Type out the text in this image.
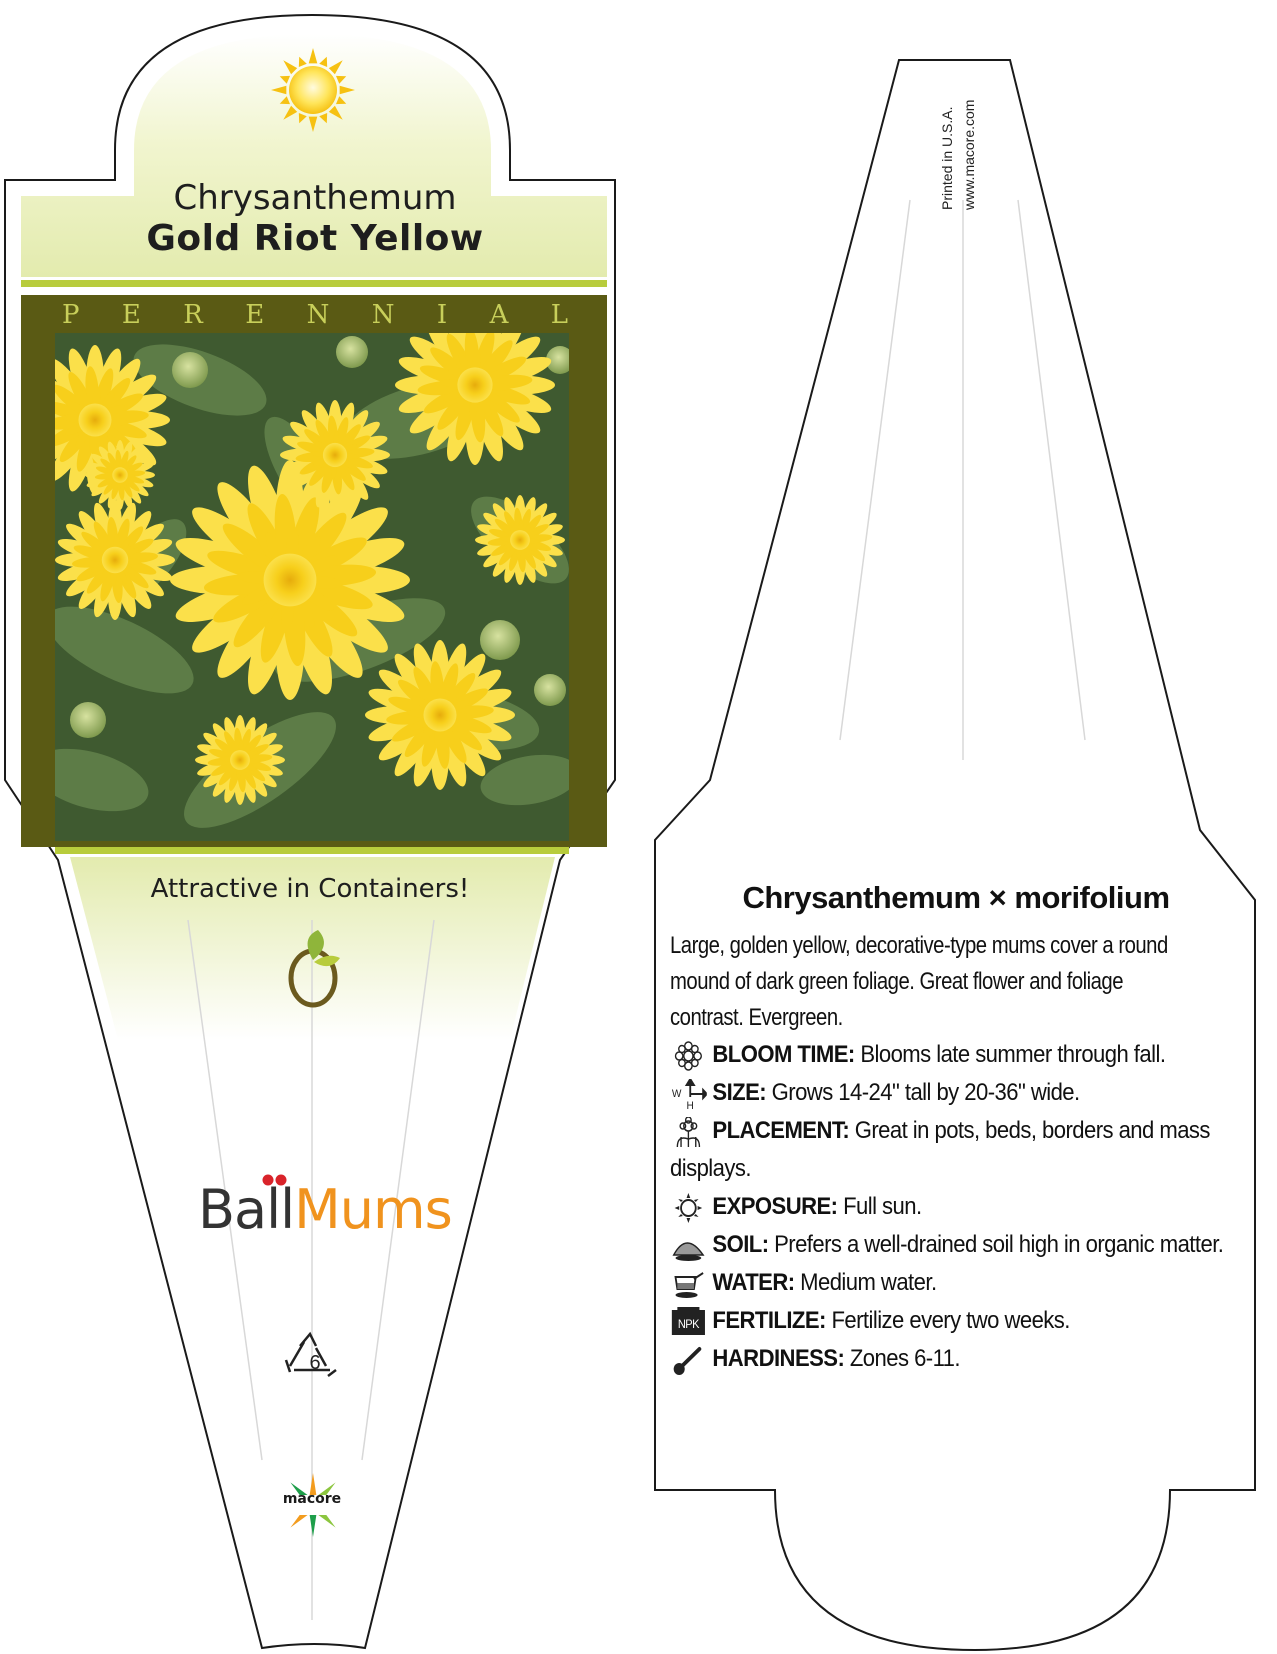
Chrysanthemum
Gold Riot Yellow
P E R E N N I A L
Attractive in Containers!
BallMums
6
macore
Printed in U.S.A. www.macore.com
Chrysanthemum × morifolium

Large, golden yellow, decorative-type mums cover a round mound of dark green foliage. Great flower and foliage contrast. Evergreen.

BLOOM TIME: Blooms late summer through fall.
W
H SIZE: Grows 14-24" tall by 20-36" wide.
PLACEMENT: Great in pots, beds, borders and mass displays.
EXPOSURE: Full sun.
SOIL: Prefers a well-drained soil high in organic matter.
WATER: Medium water.
NPK FERTILIZE: Fertilize every two weeks.
HARDINESS: Zones 6-11.
